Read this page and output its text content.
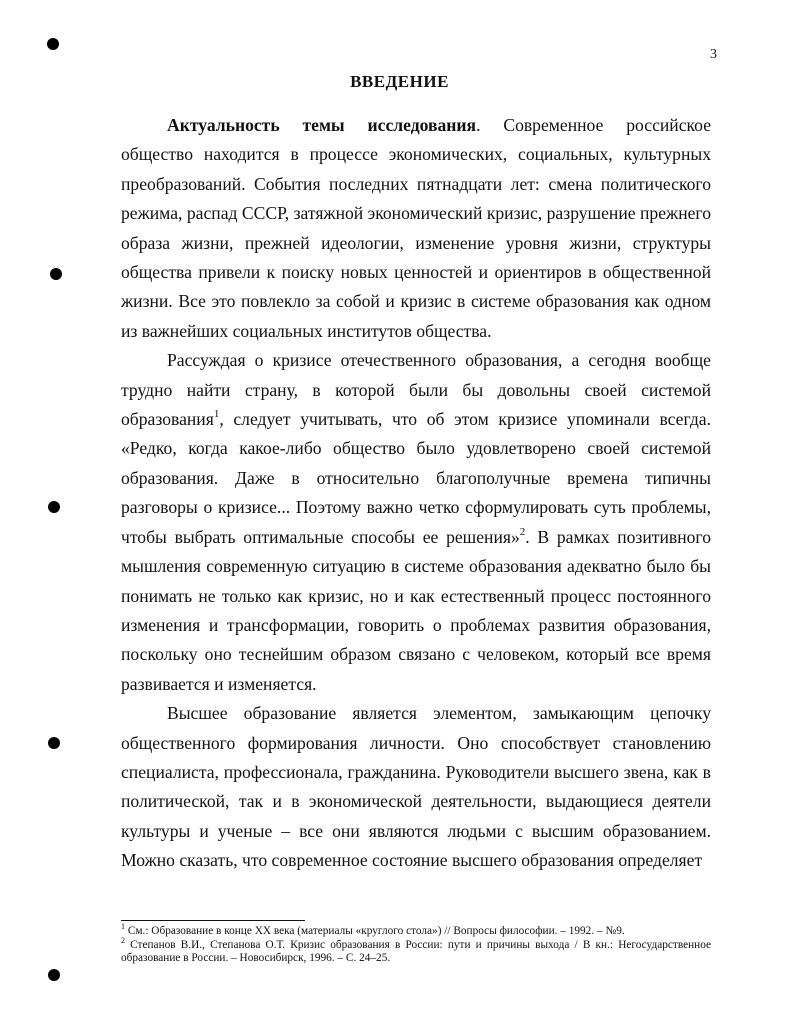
3
ВВЕДЕНИЕ

Актуальность темы исследования. Современное российское общество находится в процессе экономических, социальных, культурных преобразований. События последних пятнадцати лет: смена политического режима, распад СССР, затяжной экономический кризис, разрушение прежнего образа жизни, прежней идеологии, изменение уровня жизни, структуры общества привели к поиску новых ценностей и ориентиров в общественной жизни. Все это повлекло за собой и кризис в системе образования как одном из важнейших социальных институтов общества.

Рассуждая о кризисе отечественного образования, а сегодня вообще трудно найти страну, в которой были бы довольны своей системой образования$^1$, следует учитывать, что об этом кризисе упоминали всегда. «Редко, когда какое-либо общество было удовлетворено своей системой образования. Даже в относительно благополучные времена типичны разговоры о кризисе... Поэтому важно четко сформулировать суть проблемы, чтобы выбрать оптимальные способы ее решения»$^2$. В рамках позитивного мышления современную ситуацию в системе образования адекватно было бы понимать не только как кризис, но и как естественный процесс постоянного изменения и трансформации, говорить о проблемах развития образования, поскольку оно теснейшим образом связано с человеком, который все время развивается и изменяется.

Высшее образование является элементом, замыкающим цепочку общественного формирования личности. Оно способствует становлению специалиста, профессионала, гражданина. Руководители высшего звена, как в политической, так и в экономической деятельности, выдающиеся деятели культуры и ученые – все они являются людьми с высшим образованием. Можно сказать, что современное состояние высшего образования определяет

$^1$ См.: Образование в конце XX века (материалы «круглого стола») // Вопросы философии. – 1992. – №9.

$^2$ Степанов В.И., Степанова О.Т. Кризис образования в России: пути и причины выхода / В кн.: Негосударственное образование в России. – Новосибирск, 1996. – С. 24–25.
